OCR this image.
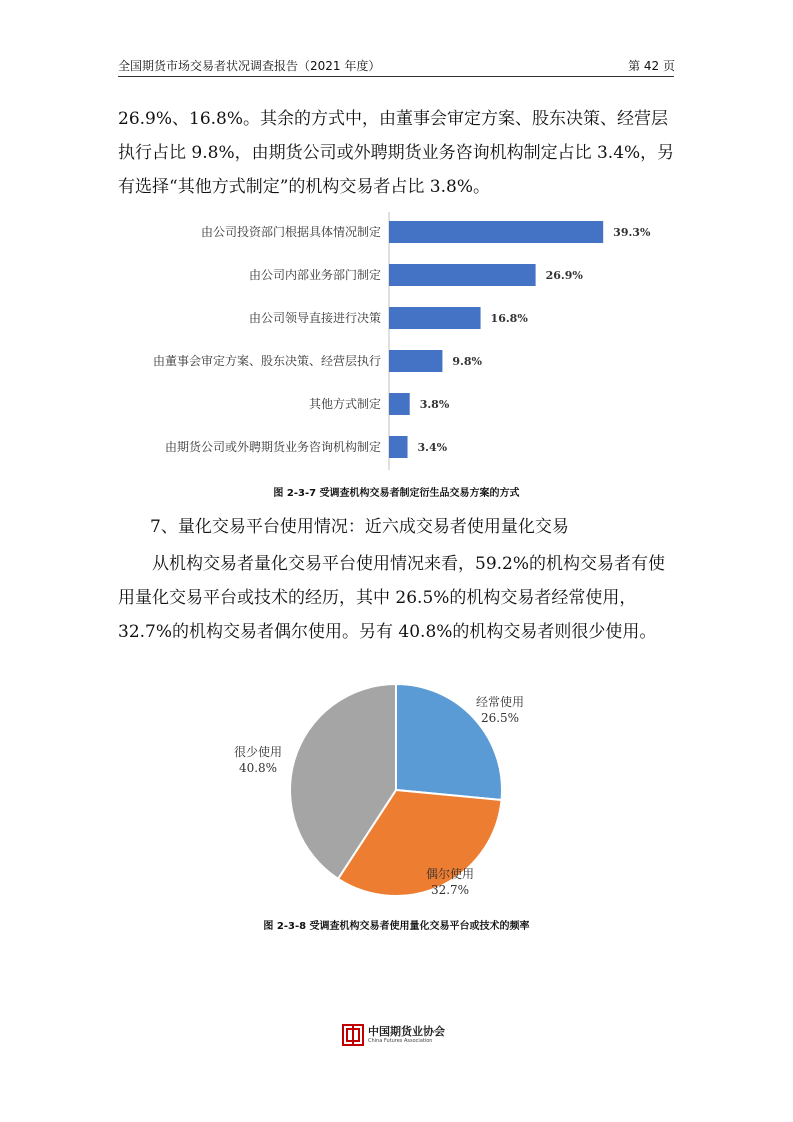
全国期货市场交易者状况调查报告（2021 年度）	第 42 页

26.9%、16.8%。其余的方式中，由董事会审定方案、股东决策、经营层执行占比 9.8%，由期货公司或外聘期货业务咨询机构制定占比 3.4%，另有选择“其他方式制定”的机构交易者占比 3.8%。

由公司投资部门根据具体情况制定	39.3%
由公司内部业务部门制定	26.9%
由公司领导直接进行决策	16.8%
由董事会审定方案、股东决策、经营层执行	9.8%
其他方式制定	3.8%
由期货公司或外聘期货业务咨询机构制定	3.4%
图 2-3-7 受调查机构交易者制定衍生品交易方案的方式
7、量化交易平台使用情况：近六成交易者使用量化交易

从机构交易者量化交易平台使用情况来看，59.2%的机构交易者有使用量化交易平台或技术的经历，其中 26.5%的机构交易者经常使用，32.7%的机构交易者偶尔使用。另有 40.8%的机构交易者则很少使用。

经常使用
26.5%
偶尔使用
32.7%
很少使用
40.8%
图 2-3-8 受调查机构交易者使用量化交易平台或技术的频率
中国期货业协会
China Futures Association
